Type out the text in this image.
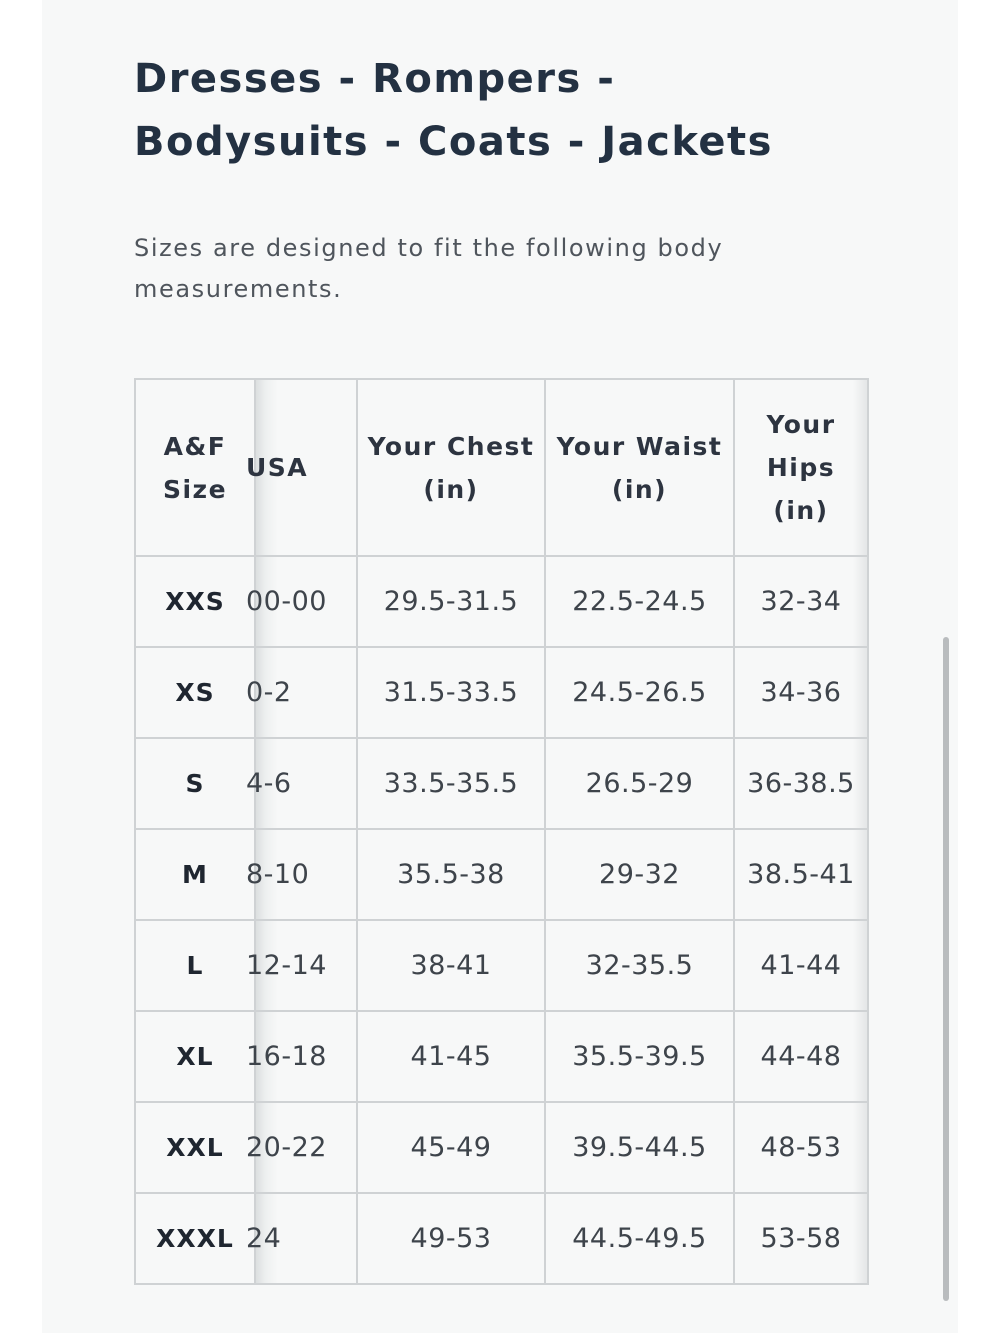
Dresses - Rompers - Bodysuits - Coats - Jackets

Sizes are designed to fit the following body measurements.

A&F Size	USA	Your Chest (in)	Your Waist (in)	Your Hips (in)
XXS	00-00	29.5-31.5	22.5-24.5	32-34
XS	0-2	31.5-33.5	24.5-26.5	34-36
S	4-6	33.5-35.5	26.5-29	36-38.5
M	8-10	35.5-38	29-32	38.5-41
L	12-14	38-41	32-35.5	41-44
XL	16-18	41-45	35.5-39.5	44-48
XXL	20-22	45-49	39.5-44.5	48-53
XXXL	24	49-53	44.5-49.5	53-58
